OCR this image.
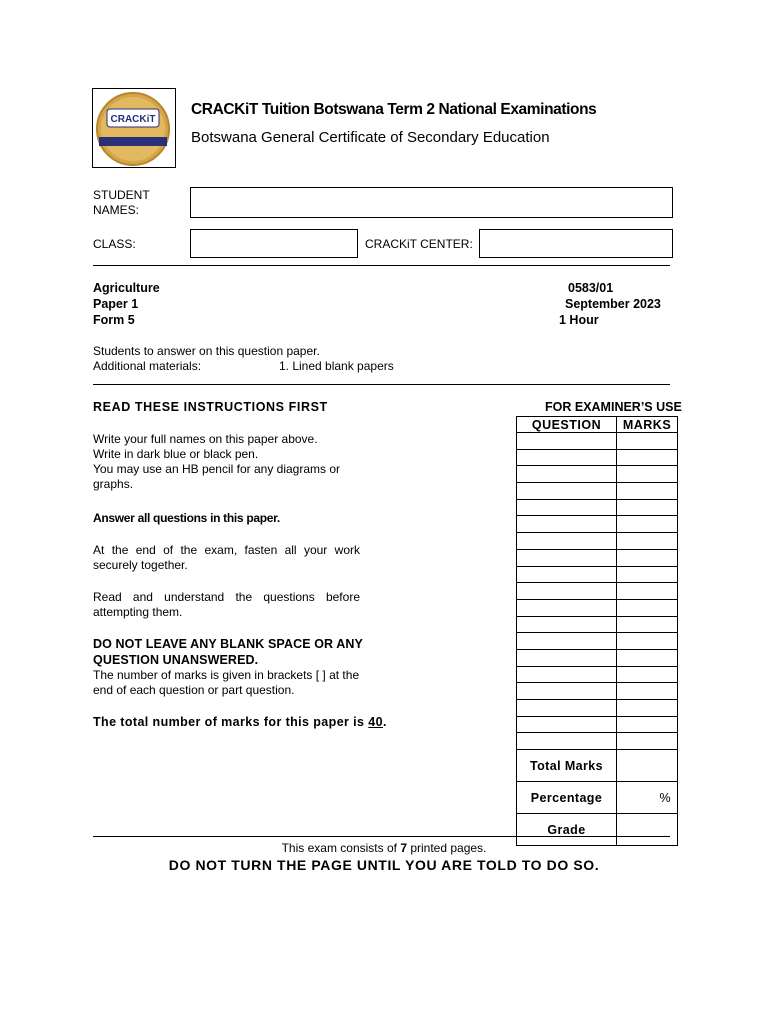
CRACKiT
CRACKiT Tuition Botswana Term 2 National Examinations
Botswana General Certificate of Secondary Education
STUDENT
NAMES:
CLASS:	CRACKiT CENTER:
Agriculture
Paper 1
Form 5
0583/01
September 2023
1 Hour
Students to answer on this question paper.
Additional materials:	1. Lined blank papers
READ THESE INSTRUCTIONS FIRST
Write your full names on this paper above.
Write in dark blue or black pen.
You may use an HB pencil for any diagrams or
graphs.
Answer all questions in this paper.
At the end of the exam, fasten all your work
securely together.
Read and understand the questions before
attempting them.
DO NOT LEAVE ANY BLANK SPACE OR ANY
QUESTION UNANSWERED.
The number of marks is given in brackets [ ] at the
end of each question or part question.
The total number of marks for this paper is 40.
FOR EXAMINER’S USE
QUESTION	MARKS

Total Marks	
Percentage	%
Grade	
This exam consists of 7 printed pages.
DO NOT TURN THE PAGE UNTIL YOU ARE TOLD TO DO SO.
